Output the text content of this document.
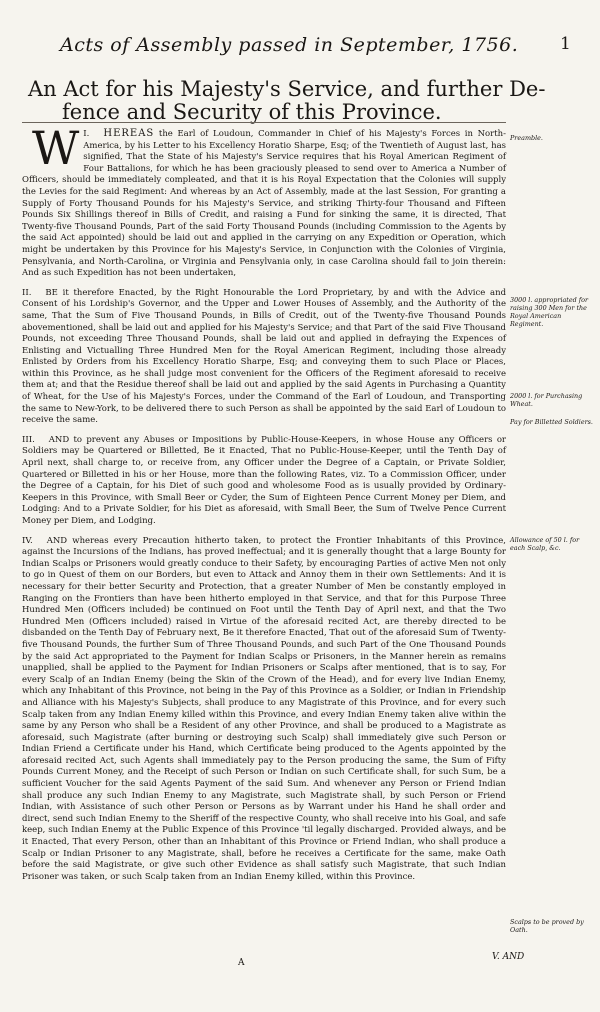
Acts of Assembly passed in September, 1756.	1
An Act for his Majesty's Service, and further De-
fence and Security of this Province.

I.
W HEREAS the Earl of Loudoun, Commander in Chief of his Majesty's Forces in North-America, by his Letter to his Excellency Horatio Sharpe, Esq; of the Twentieth of August last, has signified, That the State of his Majesty's Service requires that his Royal American Regiment of Four Battalions, for which he has been graciously pleased to send over to America a Number of Officers, should be immediately compleated, and that it is his Royal Expectation that the Colonies will supply the Levies for the said Regiment: And whereas by an Act of Assembly, made at the last Session, For granting a Supply of Forty Thousand Pounds for his Majesty's Service, and striking Thirty-four Thousand and Fifteen Pounds Six Shillings thereof in Bills of Credit, and raising a Fund for sinking the same, it is directed, That Twenty-five Thousand Pounds, Part of the said Forty Thousand Pounds (including Commission to the Agents by the said Act appointed) should be laid out and applied in the carrying on any Expedition or Operation, which might be undertaken by this Province for his Majesty's Service, in Conjunction with the Colonies of Virginia, Pensylvania, and North-Carolina, or Virginia and Pensylvania only, in case Carolina should fail to join therein: And as such Expedition has not been undertaken,

II. BE it therefore Enacted, by the Right Honourable the Lord Proprietary, by and with the Advice and Consent of his Lordship's Governor, and the Upper and Lower Houses of Assembly, and the Authority of the same, That the Sum of Five Thousand Pounds, in Bills of Credit, out of the Twenty-five Thousand Pounds abovementioned, shall be laid out and applied for his Majesty's Service; and that Part of the said Five Thousand Pounds, not exceeding Three Thousand Pounds, shall be laid out and applied in defraying the Expences of Enlisting and Victualling Three Hundred Men for the Royal American Regiment, including those already Enlisted by Orders from his Excellency Horatio Sharpe, Esq; and conveying them to such Place or Places, within this Province, as he shall judge most convenient for the Officers of the Regiment aforesaid to receive them at; and that the Residue thereof shall be laid out and applied by the said Agents in Purchasing a Quantity of Wheat, for the Use of his Majesty's Forces, under the Command of the Earl of Loudoun, and Transporting the same to New-York, to be delivered there to such Person as shall be appointed by the said Earl of Loudoun to receive the same.

III. AND to prevent any Abuses or Impositions by Public-House-Keepers, in whose House any Officers or Soldiers may be Quartered or Billetted, Be it Enacted, That no Public-House-Keeper, until the Tenth Day of April next, shall charge to, or receive from, any Officer under the Degree of a Captain, or Private Soldier, Quartered or Billetted in his or her House, more than the following Rates, viz. To a Commission Officer, under the Degree of a Captain, for his Diet of such good and wholesome Food as is usually provided by Ordinary-Keepers in this Province, with Small Beer or Cyder, the Sum of Eighteen Pence Current Money per Diem, and Lodging: And to a Private Soldier, for his Diet as aforesaid, with Small Beer, the Sum of Twelve Pence Current Money per Diem, and Lodging.

IV. AND whereas every Precaution hitherto taken, to protect the Frontier Inhabitants of this Province, against the Incursions of the Indians, has proved ineffectual; and it is generally thought that a large Bounty for Indian Scalps or Prisoners would greatly conduce to their Safety, by encouraging Parties of active Men not only to go in Quest of them on our Borders, but even to Attack and Annoy them in their own Settlements: And it is necessary for their better Security and Protection, that a greater Number of Men be constantly employed in Ranging on the Frontiers than have been hitherto employed in that Service, and that for this Purpose Three Hundred Men (Officers included) be continued on Foot until the Tenth Day of April next, and that the Two Hundred Men (Officers included) raised in Virtue of the aforesaid recited Act, are thereby directed to be disbanded on the Tenth Day of February next, Be it therefore Enacted, That out of the aforesaid Sum of Twenty-five Thousand Pounds, the further Sum of Three Thousand Pounds, and such Part of the One Thousand Pounds by the said Act appropriated to the Payment for Indian Scalps or Prisoners, in the Manner herein as remains unapplied, shall be applied to the Payment for Indian Prisoners or Scalps after mentioned, that is to say, For every Scalp of an Indian Enemy (being the Skin of the Crown of the Head), and for every live Indian Enemy, which any Inhabitant of this Province, not being in the Pay of this Province as a Soldier, or Indian in Friendship and Alliance with his Majesty's Subjects, shall produce to any Magistrate of this Province, and for every such Scalp taken from any Indian Enemy killed within this Province, and every Indian Enemy taken alive within the same by any Person who shall be a Resident of any other Province, and shall be produced to a Magistrate as aforesaid, such Magistrate (after burning or destroying such Scalp) shall immediately give such Person or Indian Friend a Certificate under his Hand, which Certificate being produced to the Agents appointed by the aforesaid recited Act, such Agents shall immediately pay to the Person producing the same, the Sum of Fifty Pounds Current Money, and the Receipt of such Person or Indian on such Certificate shall, for such Sum, be a sufficient Voucher for the said Agents Payment of the said Sum. And whenever any Person or Friend Indian shall produce any such Indian Enemy to any Magistrate, such Magistrate shall, by such Person or Friend Indian, with Assistance of such other Person or Persons as by Warrant under his Hand he shall order and direct, send such Indian Enemy to the Sheriff of the respective County, who shall receive into his Goal, and safe keep, such Indian Enemy at the Public Expence of this Province 'til legally discharged. Provided always, and be it Enacted, That every Person, other than an Inhabitant of this Province or Friend Indian, who shall produce a Scalp or Indian Prisoner to any Magistrate, shall, before he receives a Certificate for the same, make Oath before the said Magistrate, or give such other Evidence as shall satisfy such Magistrate, that such Indian Prisoner was taken, or such Scalp taken from an Indian Enemy killed, within this Province.

Preamble.
3000 l. appropriated for raising 300 Men for the Royal American Regiment.
2000 l. for Purchasing Wheat.
Pay for Billetted Soldiers.
Allowance of 50 l. for each Scalp, &c.
Scalps to be proved by Oath.
A
V. AND
